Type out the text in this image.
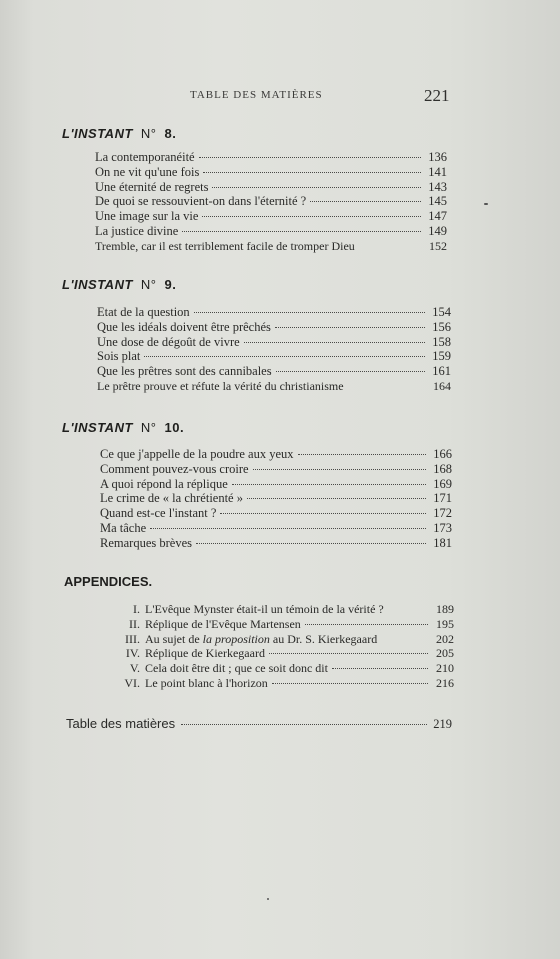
TABLE DES MATIÈRES	221
L'INSTANT N° 8.
La contemporanéité	136
On ne vit qu'une fois	141
Une éternité de regrets	143
De quoi se ressouvient-on dans l'éternité ?	145
Une image sur la vie	147
La justice divine	149
Tremble, car il est terriblement facile de tromper Dieu	152
L'INSTANT N° 9.
Etat de la question	154
Que les idéals doivent être prêchés	156
Une dose de dégoût de vivre	158
Sois plat	159
Que les prêtres sont des cannibales	161
Le prêtre prouve et réfute la vérité du christianisme	164
L'INSTANT N° 10.
Ce que j'appelle de la poudre aux yeux	166
Comment pouvez-vous croire	168
A quoi répond la réplique	169
Le crime de « la chrétienté »	171
Quand est-ce l'instant ?	172
Ma tâche	173
Remarques brèves	181
APPENDICES.
I. L'Evêque Mynster était-il un témoin de la vérité ?	189
II. Réplique de l'Evêque Martensen	195
III. Au sujet de la proposition au Dr. S. Kierkegaard	202
IV. Réplique de Kierkegaard	205
V. Cela doit être dit ; que ce soit donc dit	210
VI. Le point blanc à l'horizon	216
Table des matières	219
